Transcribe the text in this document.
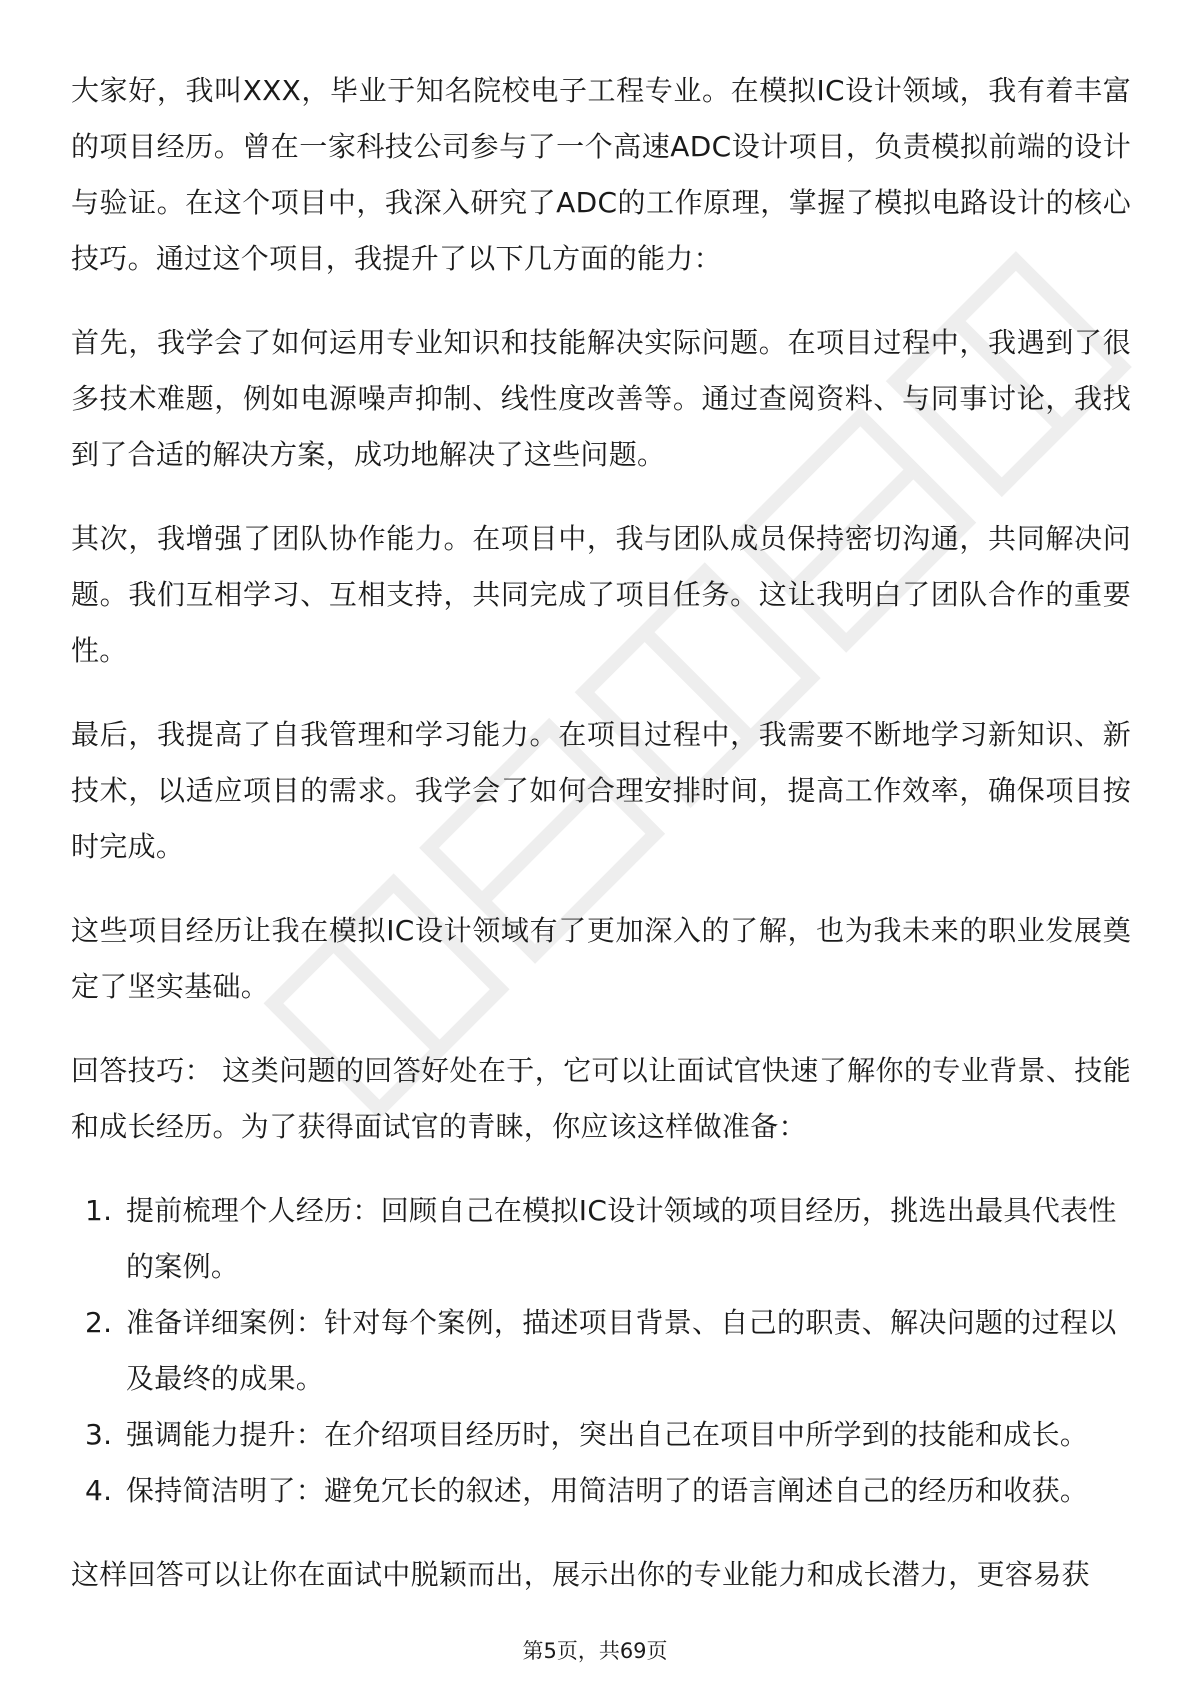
大家好，我叫XXX，毕业于知名院校电子工程专业。在模拟IC设计领域，我有着丰富的项目经历。曾在一家科技公司参与了一个高速ADC设计项目，负责模拟前端的设计与验证。在这个项目中，我深入研究了ADC的工作原理，掌握了模拟电路设计的核心技巧。通过这个项目，我提升了以下几方面的能力：

首先，我学会了如何运用专业知识和技能解决实际问题。在项目过程中，我遇到了很多技术难题，例如电源噪声抑制、线性度改善等。通过查阅资料、与同事讨论，我找到了合适的解决方案，成功地解决了这些问题。

其次，我增强了团队协作能力。在项目中，我与团队成员保持密切沟通，共同解决问题。我们互相学习、互相支持，共同完成了项目任务。这让我明白了团队合作的重要性。

最后，我提高了自我管理和学习能力。在项目过程中，我需要不断地学习新知识、新技术，以适应项目的需求。我学会了如何合理安排时间，提高工作效率，确保项目按时完成。

这些项目经历让我在模拟IC设计领域有了更加深入的了解，也为我未来的职业发展奠定了坚实基础。

回答技巧： 这类问题的回答好处在于，它可以让面试官快速了解你的专业背景、技能和成长经历。为了获得面试官的青睐，你应该这样做准备：

1. 提前梳理个人经历：回顾自己在模拟IC设计领域的项目经历，挑选出最具代表性的案例。
2. 准备详细案例：针对每个案例，描述项目背景、自己的职责、解决问题的过程以及最终的成果。
3. 强调能力提升：在介绍项目经历时，突出自己在项目中所学到的技能和成长。
4. 保持简洁明了：避免冗长的叙述，用简洁明了的语言阐述自己的经历和收获。

这样回答可以让你在面试中脱颖而出，展示出你的专业能力和成长潜力，更容易获

第5页，共69页
